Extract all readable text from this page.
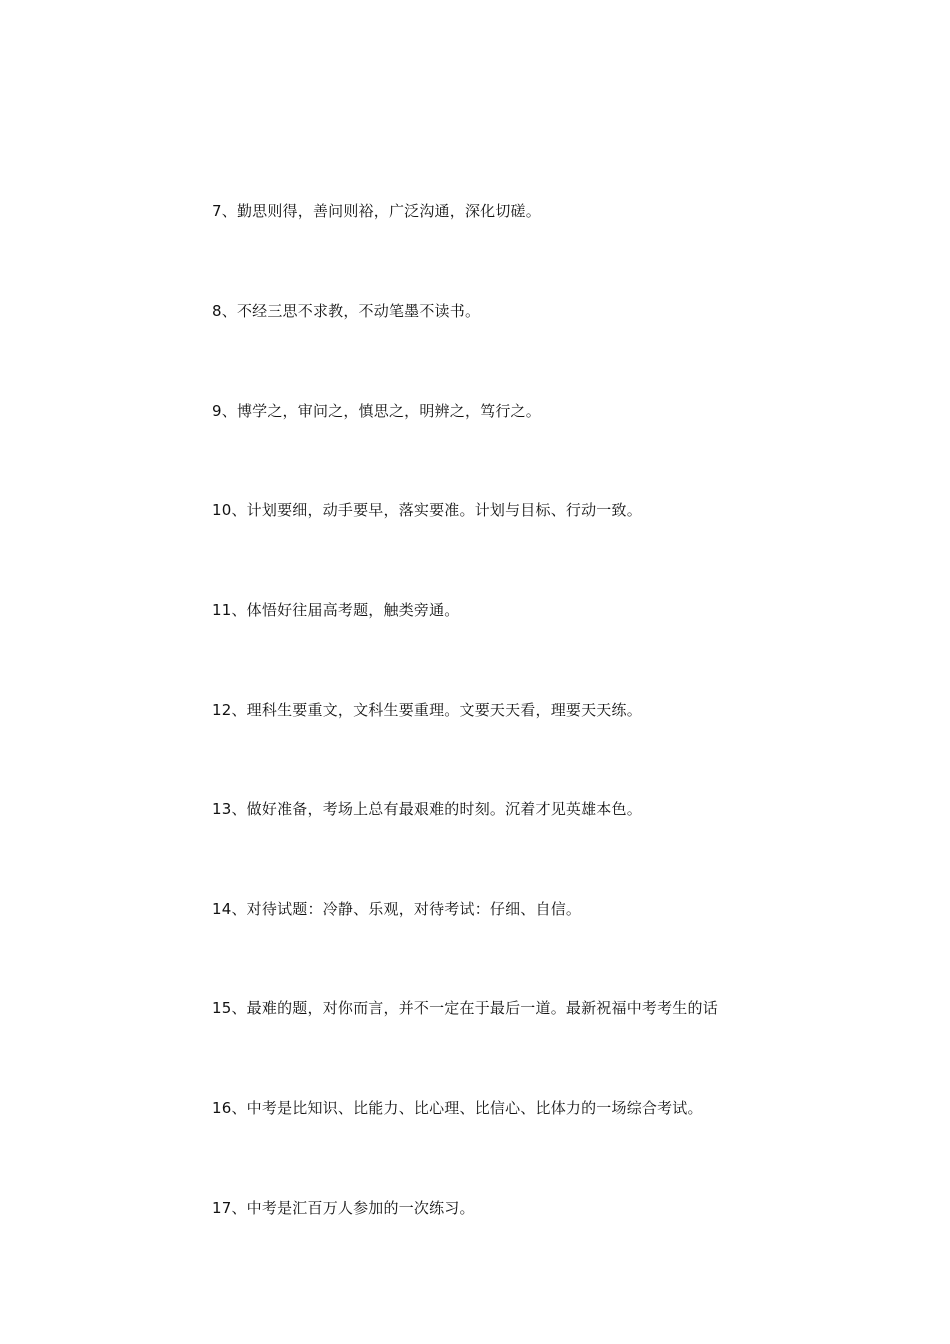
7、勤思则得，善问则裕，广泛沟通，深化切磋。
8、不经三思不求教，不动笔墨不读书。
9、博学之，审问之，慎思之，明辨之，笃行之。
10、计划要细，动手要早，落实要准。计划与目标、行动一致。
11、体悟好往届高考题，触类旁通。
12、理科生要重文，文科生要重理。文要天天看，理要天天练。
13、做好准备，考场上总有最艰难的时刻。沉着才见英雄本色。
14、对待试题：冷静、乐观，对待考试：仔细、自信。
15、最难的题，对你而言，并不一定在于最后一道。最新祝福中考考生的话
16、中考是比知识、比能力、比心理、比信心、比体力的一场综合考试。
17、中考是汇百万人参加的一次练习。
